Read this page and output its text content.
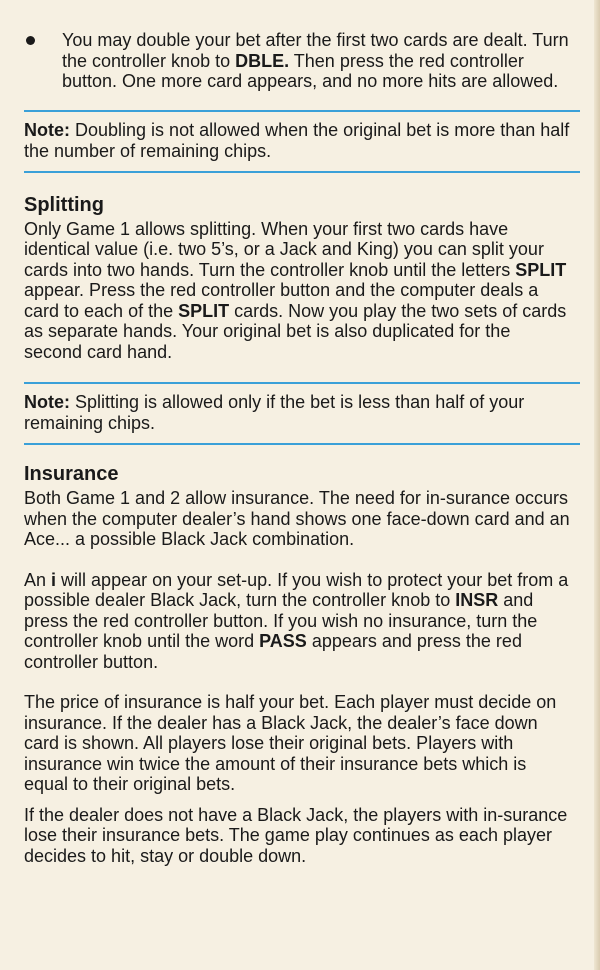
You may double your bet after the first two cards are dealt. Turn the controller knob to DBLE. Then press the red controller button. One more card appears, and no more hits are allowed.

Note: Doubling is not allowed when the original bet is more than half the number of remaining chips.

Splitting

Only Game 1 allows splitting. When your first two cards have identical value (i.e. two 5’s, or a Jack and King) you can split your cards into two hands. Turn the controller knob until the letters SPLIT appear. Press the red controller button and the computer deals a card to each of the SPLIT cards. Now you play the two sets of cards as separate hands. Your original bet is also duplicated for the second card hand.

Note: Splitting is allowed only if the bet is less than half of your remaining chips.

Insurance

Both Game 1 and 2 allow insurance. The need for in-surance occurs when the computer dealer’s hand shows one face-down card and an Ace... a possible Black Jack combination.

An i will appear on your set-up. If you wish to protect your bet from a possible dealer Black Jack, turn the controller knob to INSR and press the red controller button. If you wish no insurance, turn the controller knob until the word PASS appears and press the red controller button.

The price of insurance is half your bet. Each player must decide on insurance. If the dealer has a Black Jack, the dealer’s face down card is shown. All players lose their original bets. Players with insurance win twice the amount of their insurance bets which is equal to their original bets.

If the dealer does not have a Black Jack, the players with in-surance lose their insurance bets. The game play continues as each player decides to hit, stay or double down.
